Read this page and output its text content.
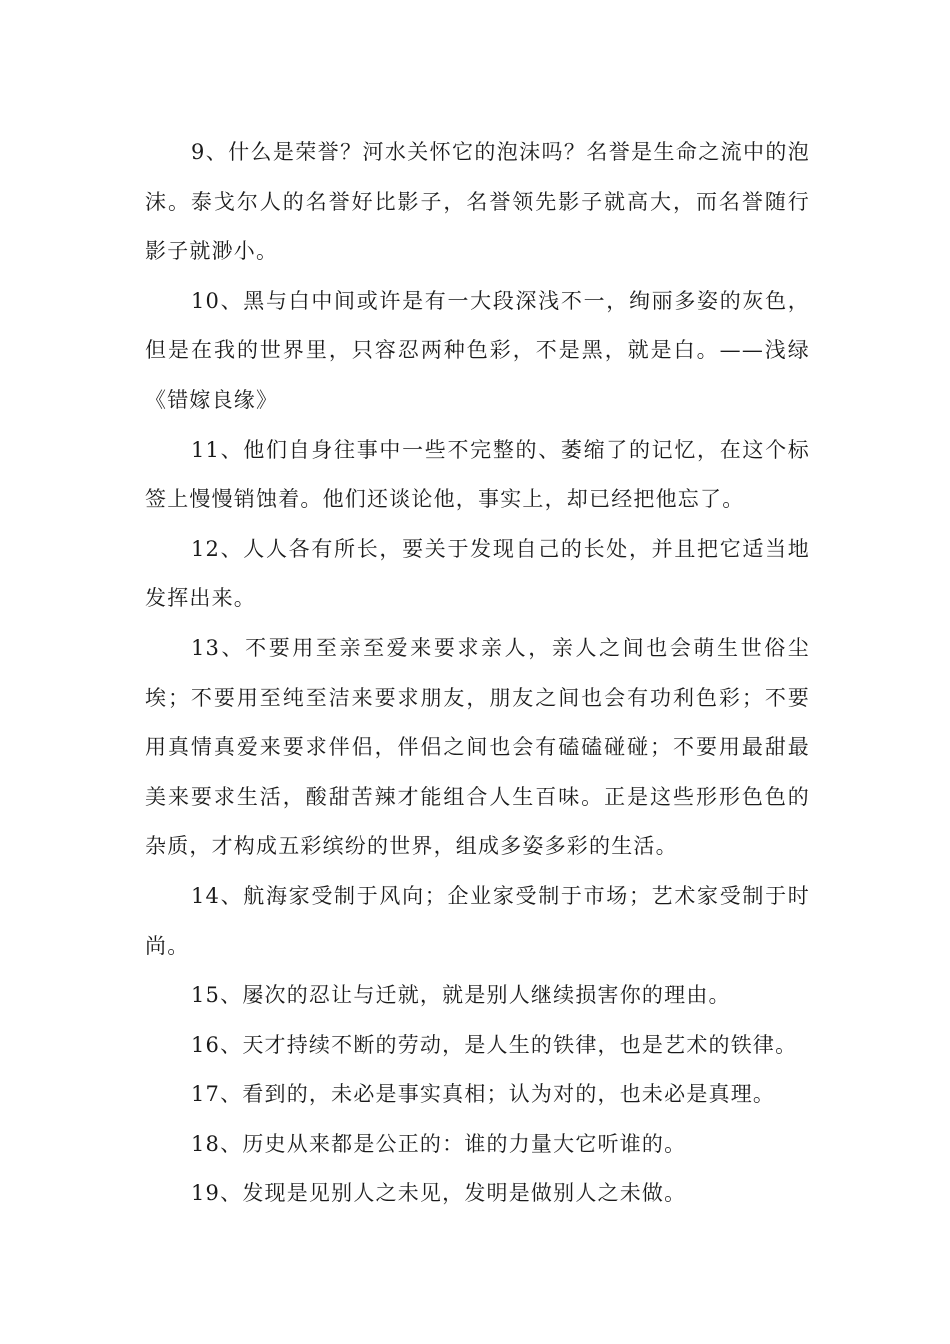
9、什么是荣誉？河水关怀它的泡沫吗？名誉是生命之流中的泡沫。泰戈尔人的名誉好比影子，名誉领先影子就高大，而名誉随行影子就渺小。

10、黑与白中间或许是有一大段深浅不一，绚丽多姿的灰色，但是在我的世界里，只容忍两种色彩，不是黑，就是白。——浅绿《错嫁良缘》

11、他们自身往事中一些不完整的、萎缩了的记忆，在这个标签上慢慢销蚀着。他们还谈论他，事实上，却已经把他忘了。

12、人人各有所长，要关于发现自己的长处，并且把它适当地发挥出来。

13、不要用至亲至爱来要求亲人，亲人之间也会萌生世俗尘埃；不要用至纯至洁来要求朋友，朋友之间也会有功利色彩；不要用真情真爱来要求伴侣，伴侣之间也会有磕磕碰碰；不要用最甜最美来要求生活，酸甜苦辣才能组合人生百味。正是这些形形色色的杂质，才构成五彩缤纷的世界，组成多姿多彩的生活。

14、航海家受制于风向；企业家受制于市场；艺术家受制于时尚。

15、屡次的忍让与迁就，就是别人继续损害你的理由。

16、天才持续不断的劳动，是人生的铁律，也是艺术的铁律。

17、看到的，未必是事实真相；认为对的，也未必是真理。

18、历史从来都是公正的：谁的力量大它听谁的。

19、发现是见别人之未见，发明是做别人之未做。
